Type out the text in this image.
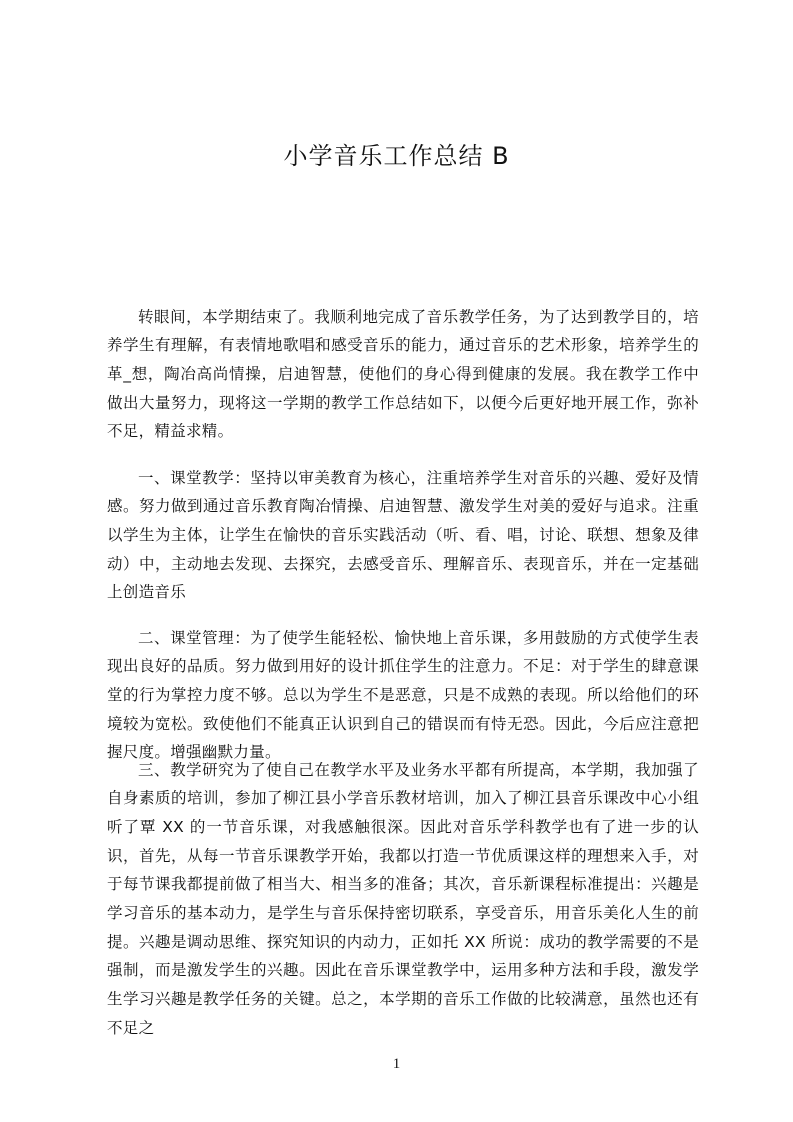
小学音乐工作总结 B

转眼间，本学期结束了。我顺利地完成了音乐教学任务，为了达到教学目的，培养学生有理解，有表情地歌唱和感受音乐的能力，通过音乐的艺术形象，培养学生的革_想，陶冶高尚情操，启迪智慧，使他们的身心得到健康的发展。我在教学工作中做出大量努力，现将这一学期的教学工作总结如下，以便今后更好地开展工作，弥补不足，精益求精。

一、课堂教学：坚持以审美教育为核心，注重培养学生对音乐的兴趣、爱好及情感。努力做到通过音乐教育陶冶情操、启迪智慧、激发学生对美的爱好与追求。注重以学生为主体，让学生在愉快的音乐实践活动（听、看、唱，讨论、联想、想象及律动）中，主动地去发现、去探究，去感受音乐、理解音乐、表现音乐，并在一定基础上创造音乐

二、课堂管理：为了使学生能轻松、愉快地上音乐课，多用鼓励的方式使学生表现出良好的品质。努力做到用好的设计抓住学生的注意力。不足：对于学生的肆意课堂的行为掌控力度不够。总以为学生不是恶意，只是不成熟的表现。所以给他们的环境较为宽松。致使他们不能真正认识到自己的错误而有恃无恐。因此，今后应注意把握尺度。增强幽默力量。

三、教学研究为了使自己在教学水平及业务水平都有所提高，本学期，我加强了自身素质的培训，参加了柳江县小学音乐教材培训，加入了柳江县音乐课改中心小组听了覃 XX 的一节音乐课，对我感触很深。因此对音乐学科教学也有了进一步的认识，首先，从每一节音乐课教学开始，我都以打造一节优质课这样的理想来入手，对于每节课我都提前做了相当大、相当多的准备；其次，音乐新课程标准提出：兴趣是学习音乐的基本动力，是学生与音乐保持密切联系，享受音乐，用音乐美化人生的前提。兴趣是调动思维、探究知识的内动力，正如托 XX 所说：成功的教学需要的不是强制，而是激发学生的兴趣。因此在音乐课堂教学中，运用多种方法和手段，激发学生学习兴趣是教学任务的关键。总之，本学期的音乐工作做的比较满意，虽然也还有不足之

1
